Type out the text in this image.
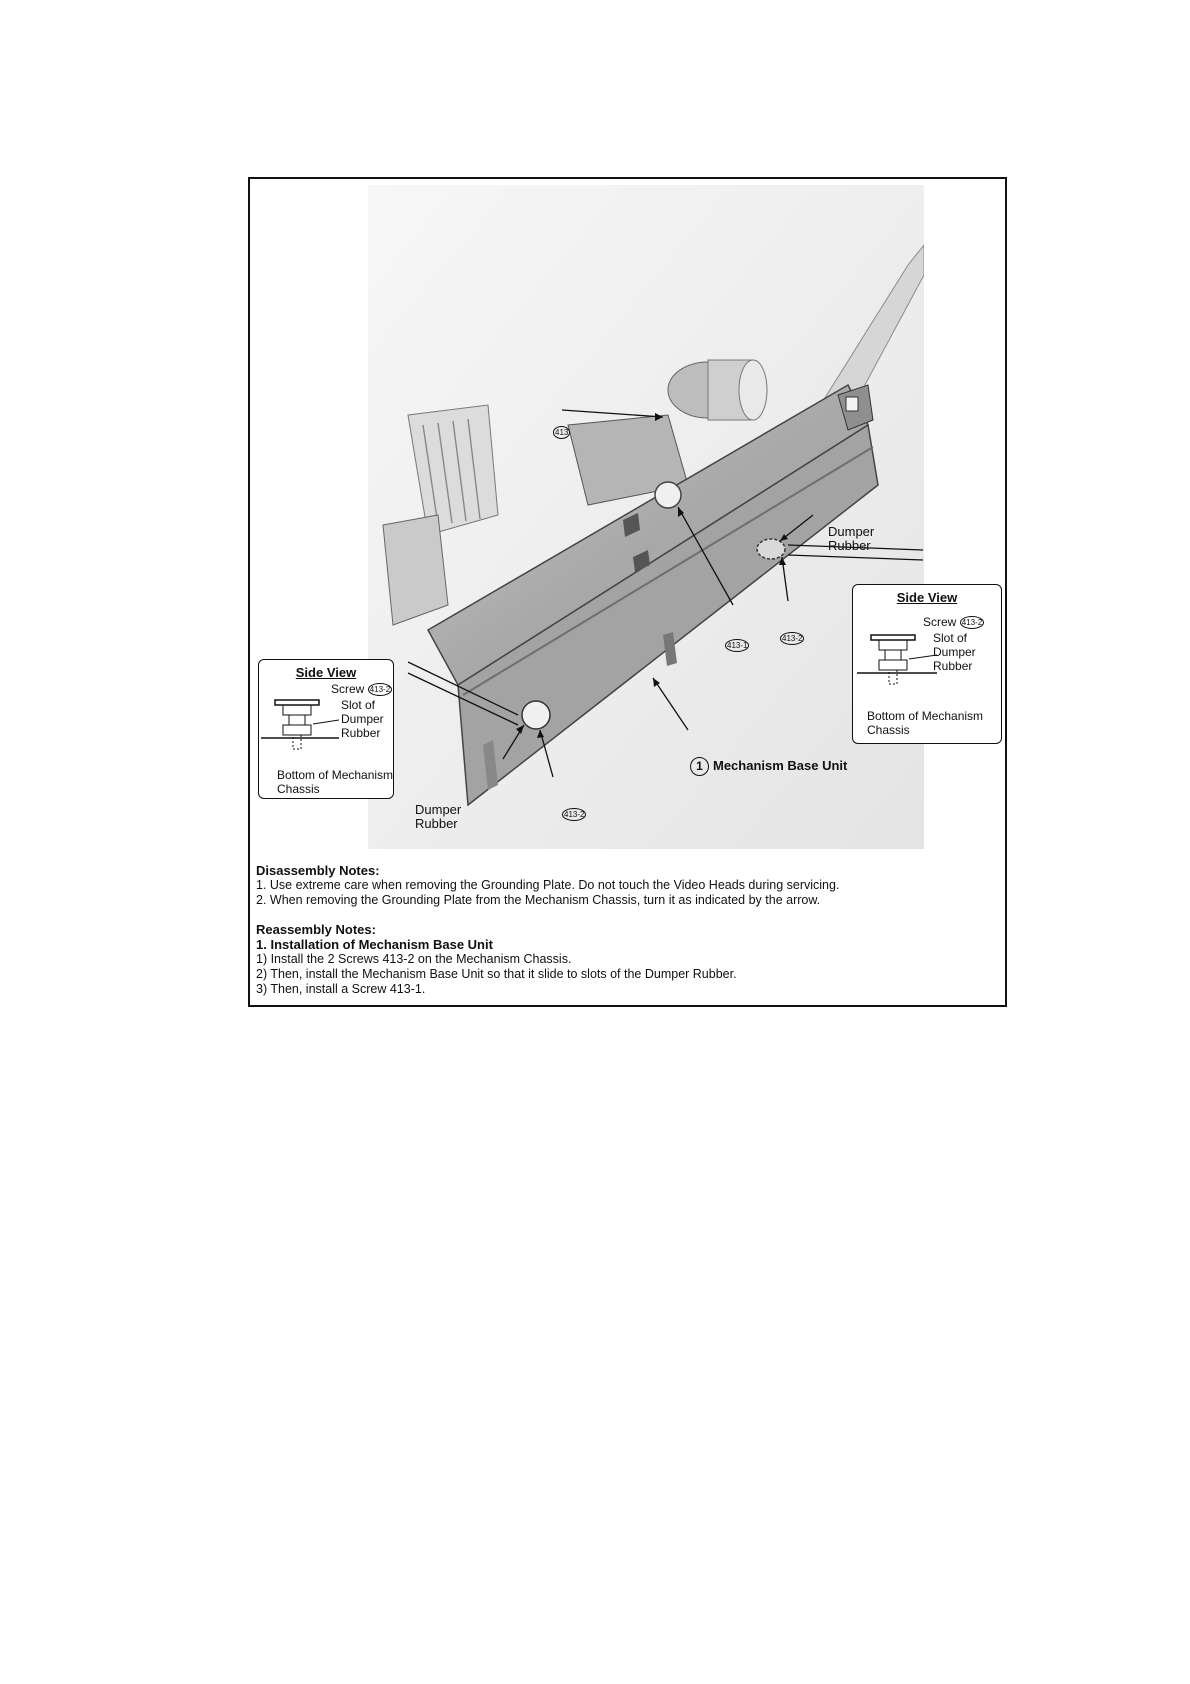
413
Dumper
Rubber
413-1
413-2
413-2
Dumper
Rubber
1 Mechanism Base Unit
Side View
Screw 413-2
Slot of
Dumper
Rubber
Bottom of Mechanism
Chassis
Side View
Screw 413-2
Slot of
Dumper
Rubber
Bottom of Mechanism
Chassis
Disassembly Notes:
1. Use extreme care when removing the Grounding Plate. Do not touch the Video Heads during servicing.
2. When removing the Grounding Plate from the Mechanism Chassis, turn it as indicated by the arrow.
Reassembly Notes:
1. Installation of Mechanism Base Unit
1) Install the 2 Screws 413-2 on the Mechanism Chassis.
2) Then, install the Mechanism Base Unit so that it slide to slots of the Dumper Rubber.
3) Then, install a Screw 413-1.
